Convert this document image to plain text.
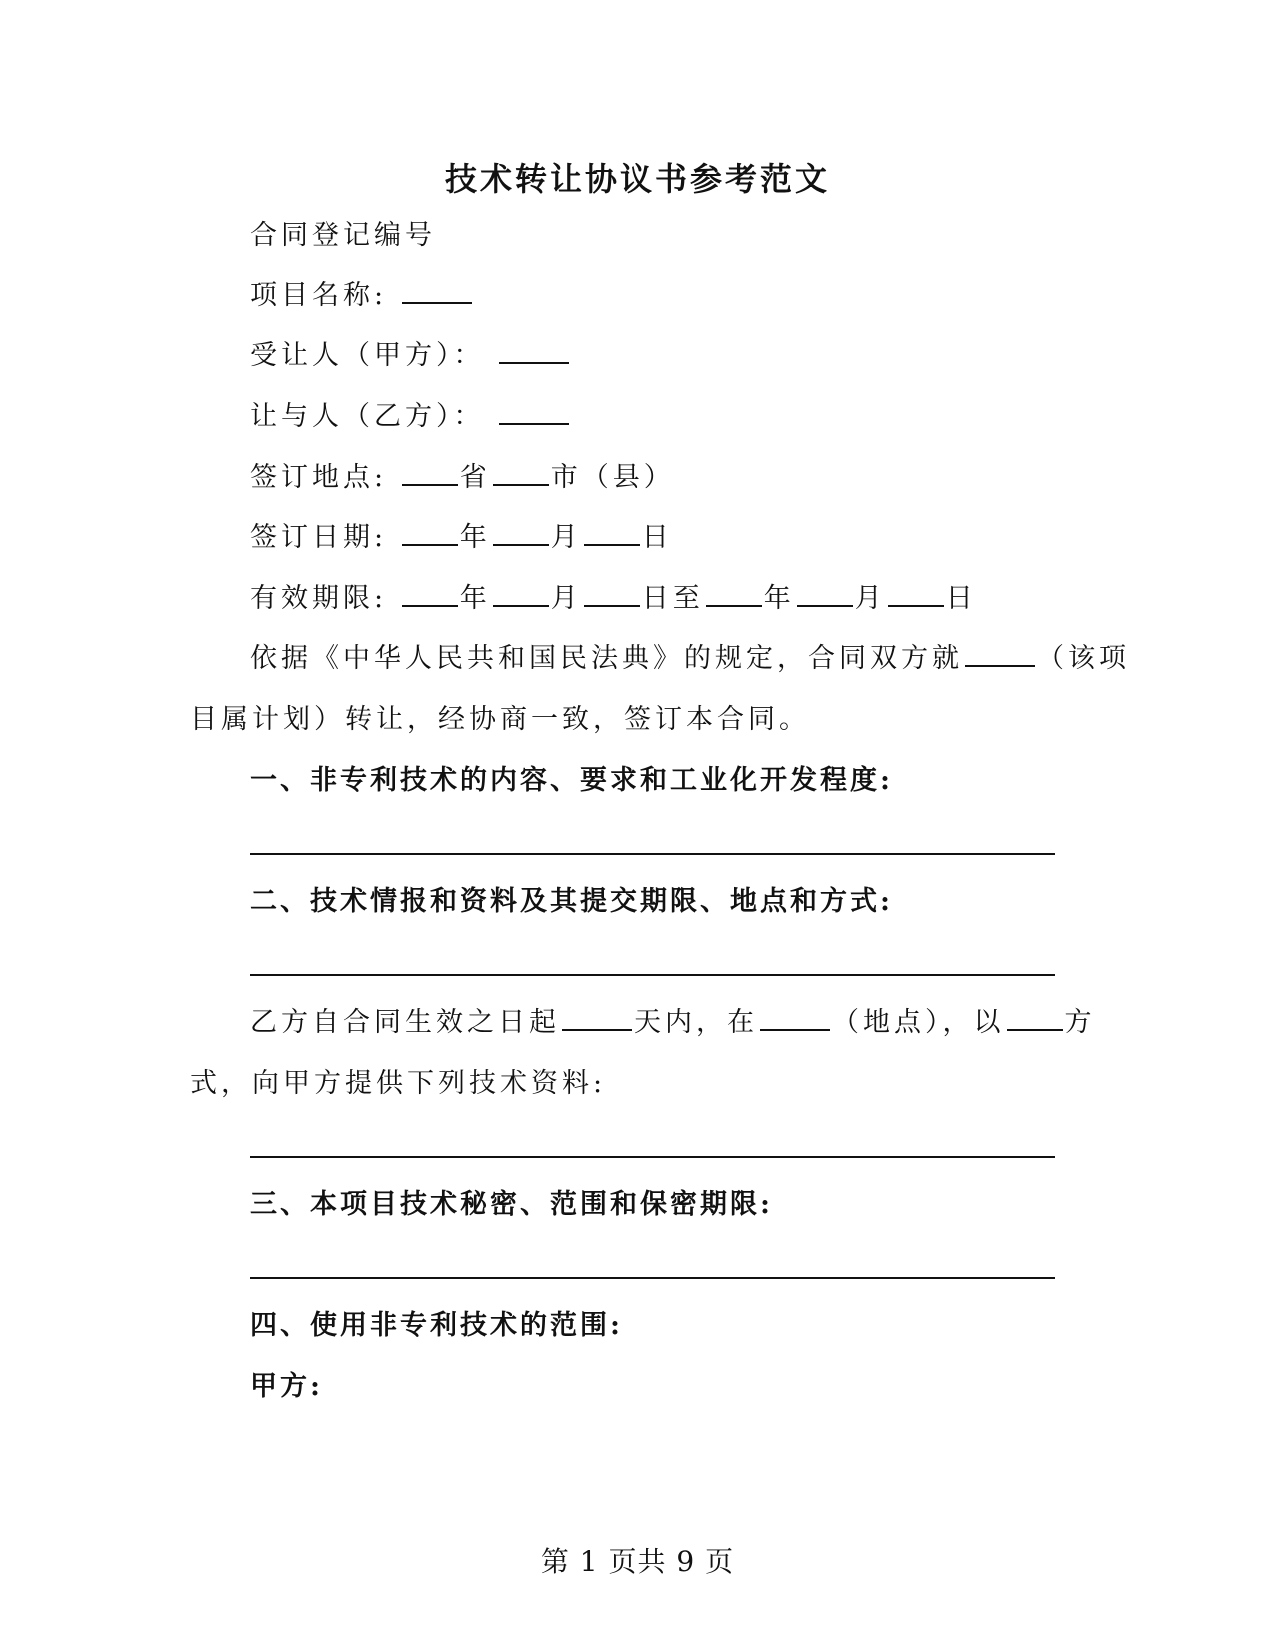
技术转让协议书参考范文
合同登记编号
项目名称:
受让人（甲方）：
让与人（乙方）：
签订地点:	省 市（县）
签订日期:	年 月 日
有效期限:	年 月 日至 年 月 日
依据《中华人民共和国民法典》的规定，合同双方就	（该项
目属计划）转让，经协商一致，签订本合同。
一、非专利技术的内容、要求和工业化开发程度:
二、技术情报和资料及其提交期限、地点和方式:
乙方自合同生效之日起	天内，在	（地点），以 方
式，向甲方提供下列技术资料:
三、本项目技术秘密、范围和保密期限:
四、使用非专利技术的范围:
甲方:
第 1 页共 9 页
